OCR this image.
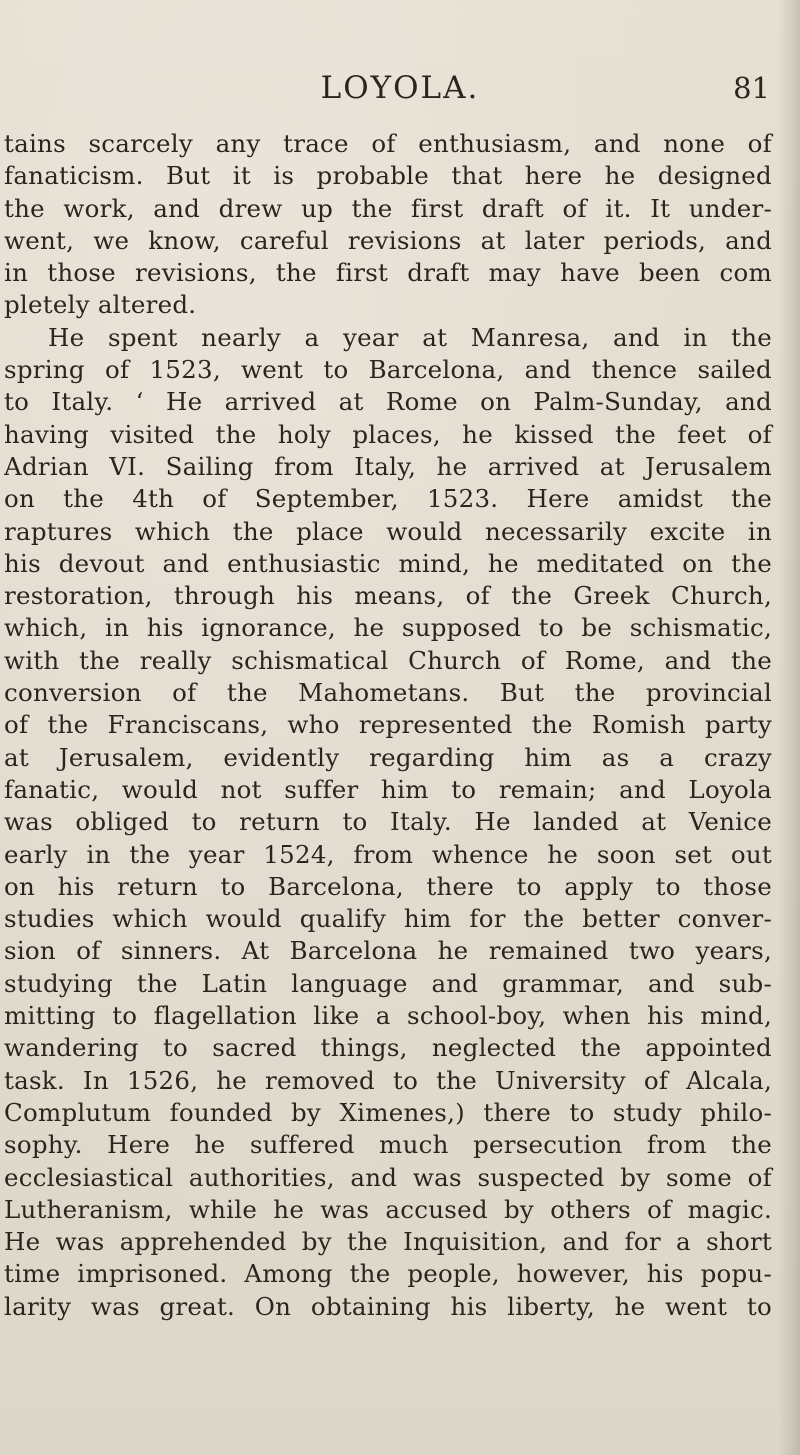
LOYOLA.	81
tains scarcely any trace of enthusiasm, and none of
fanaticism. But it is probable that here he designed
the work, and drew up the first draft of it. It under-
went, we know, careful revisions at later periods, and
in those revisions, the first draft may have been com
pletely altered.
He spent nearly a year at Manresa, and in the
spring of 1523, went to Barcelona, and thence sailed
to Italy. ‘ He arrived at Rome on Palm-Sunday, and
having visited the holy places, he kissed the feet of
Adrian VI. Sailing from Italy, he arrived at Jerusalem
on the 4th of September, 1523. Here amidst the
raptures which the place would necessarily excite in
his devout and enthusiastic mind, he meditated on the
restoration, through his means, of the Greek Church,
which, in his ignorance, he supposed to be schismatic,
with the really schismatical Church of Rome, and the
conversion of the Mahometans. But the provincial
of the Franciscans, who represented the Romish party
at Jerusalem, evidently regarding him as a crazy
fanatic, would not suffer him to remain; and Loyola
was obliged to return to Italy. He landed at Venice
early in the year 1524, from whence he soon set out
on his return to Barcelona, there to apply to those
studies which would qualify him for the better conver-
sion of sinners. At Barcelona he remained two years,
studying the Latin language and grammar, and sub-
mitting to flagellation like a school-boy, when his mind,
wandering to sacred things, neglected the appointed
task. In 1526, he removed to the University of Alcala,
Complutum founded by Ximenes,) there to study philo-
sophy. Here he suffered much persecution from the
ecclesiastical authorities, and was suspected by some of
Lutheranism, while he was accused by others of magic.
He was apprehended by the Inquisition, and for a short
time imprisoned. Among the people, however, his popu-
larity was great. On obtaining his liberty, he went to
